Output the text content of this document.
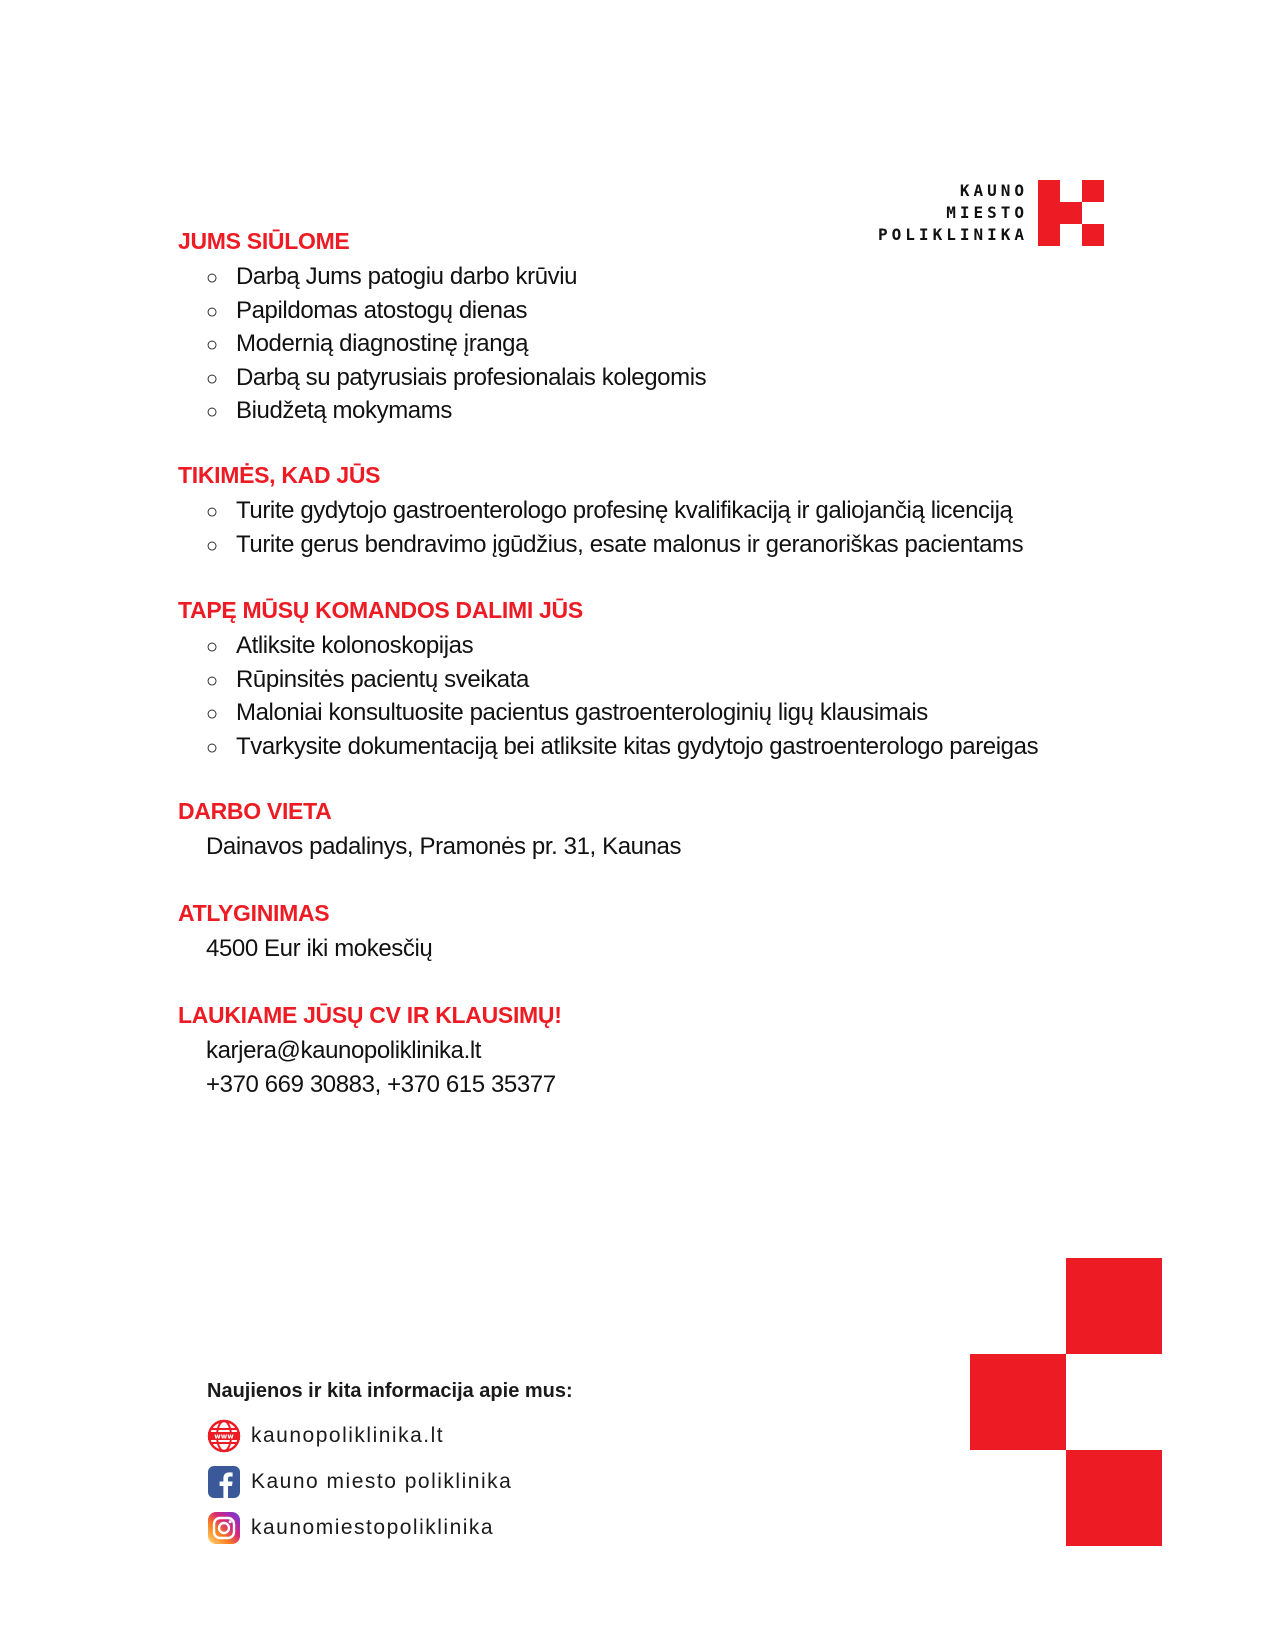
KAUNO
MIESTO
POLIKLINIKA
JUMS SIŪLOME
○ Darbą Jums patogiu darbo krūviu
○ Papildomas atostogų dienas
○ Modernią diagnostinę įrangą
○ Darbą su patyrusiais profesionalais kolegomis
○ Biudžetą mokymams
TIKIMĖS, KAD JŪS
○ Turite gydytojo gastroenterologo profesinę kvalifikaciją ir galiojančią licenciją
○ Turite gerus bendravimo įgūdžius, esate malonus ir geranoriškas pacientams
TAPĘ MŪSŲ KOMANDOS DALIMI JŪS
○ Atliksite kolonoskopijas
○ Rūpinsitės pacientų sveikata
○ Maloniai konsultuosite pacientus gastroenterologinių ligų klausimais
○ Tvarkysite dokumentaciją bei atliksite kitas gydytojo gastroenterologo pareigas
DARBO VIETA
Dainavos padalinys, Pramonės pr. 31, Kaunas
ATLYGINIMAS
4500 Eur iki mokesčių
LAUKIAME JŪSŲ CV IR KLAUSIMŲ!
karjera@kaunopoliklinika.lt
+370 669 30883, +370 615 35377
Naujienos ir kita informacija apie mus:
www kaunopoliklinika.lt
Kauno miesto poliklinika
kaunomiestopoliklinika
